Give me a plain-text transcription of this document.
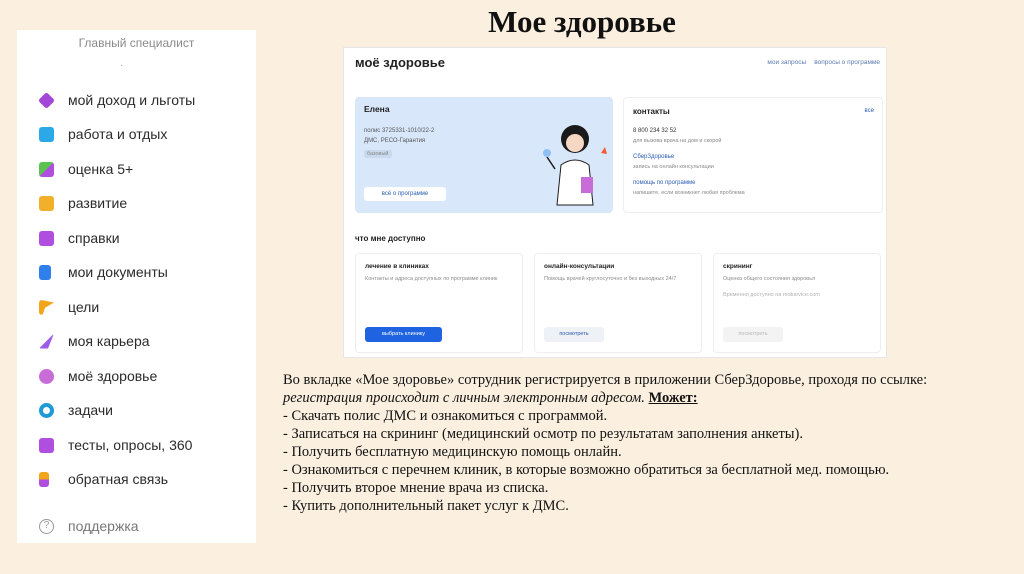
Мое здоровье
Главный специалист
·
мой доход и льготы
работа и отдых
оценка 5+
развитие
справки
мои документы
цели
моя карьера
моё здоровье
задачи
тесты, опросы, 360
обратная связь
?	поддержка
моё здоровье	мои запросы вопросы о программе
Елена
полис 3725331-1010/22-2
ДМС, РЕСО-Гарантия
базовый
всё о программе
контакты	все
8 800 234 32 52
для вызова врача на дом и скорой
СберЗдоровье
запись на онлайн консультации
помощь по программе
напишите, если возникнет любая проблема
что мне доступно
лечение в клиниках
Контакты и адреса доступных по программе клиник
выбрать клинику
онлайн-консультации
Помощь врачей круглосуточно и без выходных 24/7
посмотреть
скрининг
Оценка общего состояния здоровья
Временно доступно на mobsrvice.com
посмотреть
Во вкладке «Мое здоровье» сотрудник регистрируется в приложении СберЗдоровье, проходя по ссылке: регистрация происходит с личным электронным адресом. Может:
- Скачать полис ДМС и ознакомиться с программой.
- Записаться на скрининг (медицинский осмотр по результатам заполнения анкеты).
- Получить бесплатную медицинскую помощь онлайн.
- Ознакомиться с перечнем клиник, в которые возможно обратиться за бесплатной мед. помощью.
- Получить второе мнение врача из списка.
- Купить дополнительный пакет услуг к ДМС.
